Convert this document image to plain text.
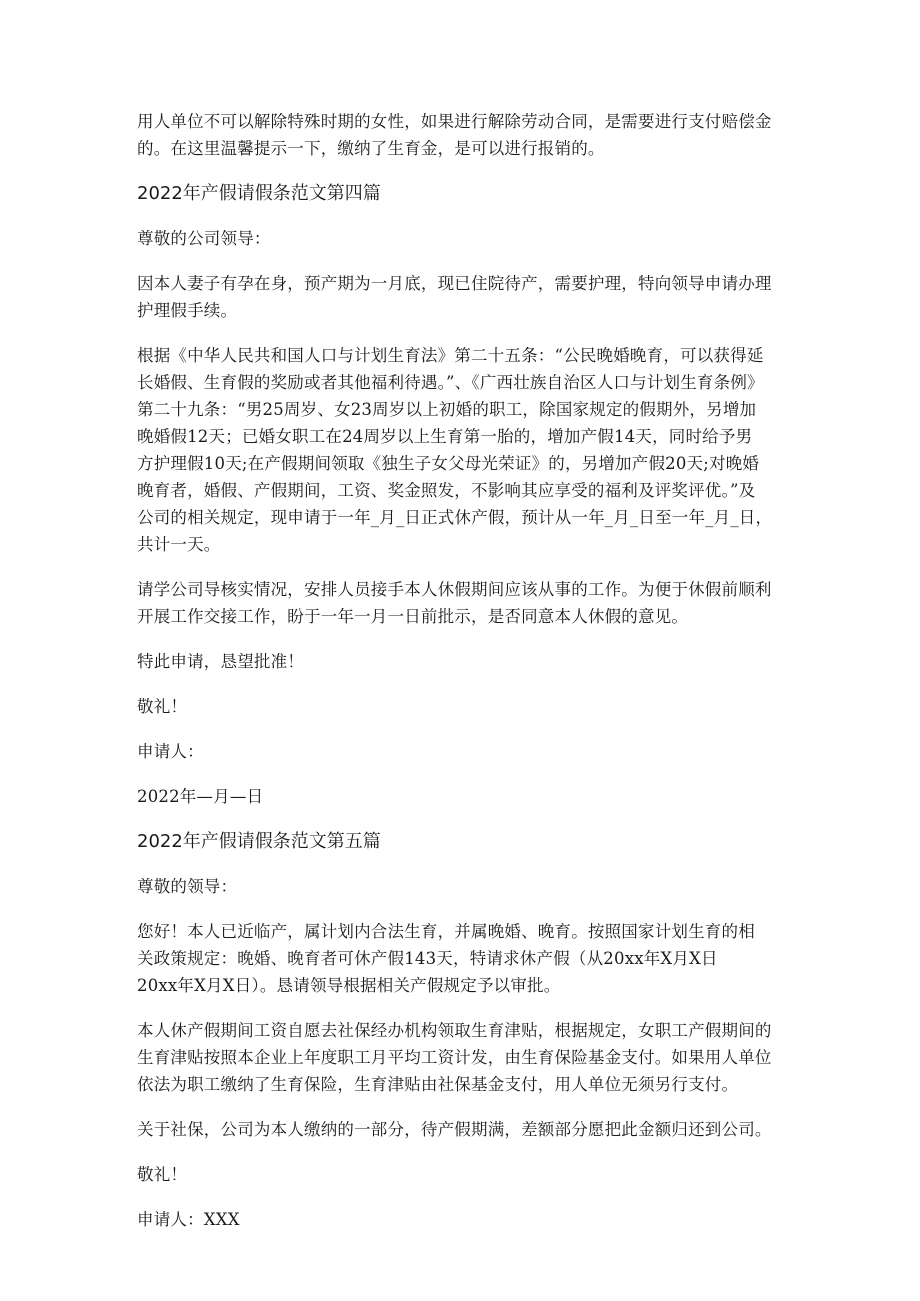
用人单位不可以解除特殊时期的女性，如果进行解除劳动合同，是需要进行支付赔偿金
的。在这里温馨提示一下，缴纳了生育金，是可以进行报销的。

2022年产假请假条范文第四篇

尊敬的公司领导：

因本人妻子有孕在身，预产期为一月底，现已住院待产，需要护理，特向领导申请办理
护理假手续。

根据《中华人民共和国人口与计划生育法》第二十五条：“公民晚婚晚育，可以获得延
长婚假、生育假的奖励或者其他福利待遇。”、《广西壮族自治区人口与计划生育条例》
第二十九条：“男25周岁、女23周岁以上初婚的职工，除国家规定的假期外，另增加
晚婚假12天；已婚女职工在24周岁以上生育第一胎的，增加产假14天，同时给予男
方护理假10天;在产假期间领取《独生子女父母光荣证》的，另增加产假20天;对晚婚
晚育者，婚假、产假期间，工资、奖金照发，不影响其应享受的福利及评奖评优。”及
公司的相关规定，现申请于一年_月_日正式休产假，预计从一年_月_日至一年_月_日，
共计一天。

请学公司导核实情况，安排人员接手本人休假期间应该从事的工作。为便于休假前顺利
开展工作交接工作，盼于一年一月一日前批示，是否同意本人休假的意见。

特此申请，恳望批准！

敬礼！

申请人：

2022年—月—日

2022年产假请假条范文第五篇

尊敬的领导：

您好！本人已近临产，属计划内合法生育，并属晚婚、晚育。按照国家计划生育的相
关政策规定：晚婚、晚育者可休产假143天，特请求休产假（从20xx年X月X日
20xx年X月X日）。恳请领导根据相关产假规定予以审批。

本人休产假期间工资自愿去社保经办机构领取生育津贴，根据规定，女职工产假期间的
生育津贴按照本企业上年度职工月平均工资计发，由生育保险基金支付。如果用人单位
依法为职工缴纳了生育保险，生育津贴由社保基金支付，用人单位无须另行支付。

关于社保，公司为本人缴纳的一部分，待产假期满，差额部分愿把此金额归还到公司。

敬礼！

申请人：XXX
